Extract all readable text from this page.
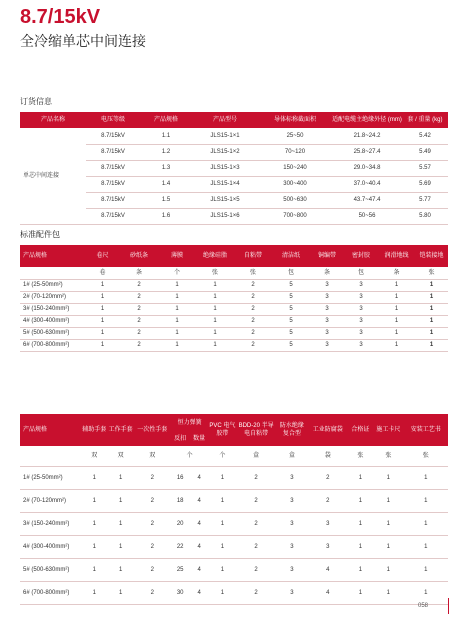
8.7/15kV
全冷缩单芯中间连接
订货信息
产品名称	电压等级	产品规格	产品型号	导体标称截面积	适配电缆主绝缘外径 (mm)	套 / 重量 (kg)
单芯中间连接	8.7/15kV	1.1	JLS15-1×1	25~50	21.8~24.2	5.42
	8.7/15kV	1.2	JLS15-1×2	70~120	25.8~27.4	5.49
	8.7/15kV	1.3	JLS15-1×3	150~240	29.0~34.8	5.57
	8.7/15kV	1.4	JLS15-1×4	300~400	37.0~40.4	5.69
	8.7/15kV	1.5	JLS15-1×5	500~630	43.7~47.4	5.77
	8.7/15kV	1.6	JLS15-1×6	700~800	50~56	5.80
标准配件包
产品规格	卷尺	砂纸条	薄膜	绝缘硅脂	自粘带	清洁纸	铜编带	密封胶	润滑地线	铠装接地
	卷	条	个	张	张	包	条	包	条	张
1# (25-50mm²)	1	2	1	1	2	5	3	3	1	1
2# (70-120mm²)	1	2	1	1	2	5	3	3	1	1
3# (150-240mm²)	1	2	1	1	2	5	3	3	1	1
4# (300-400mm²)	1	2	1	1	2	5	3	3	1	1
5# (500-630mm²)	1	2	1	1	2	5	3	3	1	1
6# (700-800mm²)	1	2	1	1	2	5	3	3	1	1
产品规格	辅助手套	工作手套	一次性手套	恒力弹簧		PVC 电气胶带	BDD-20 半导电自粘带	防水绝缘 复合型	工业防腐袋	合格证	施工卡尺	安装工艺书
				反扣	数量							
	双	双	双	个		个	盒	盒	袋	张	张	张
1# (25-50mm²)	1	1	2	16	4	1	2	3	2	1	1	1
2# (70-120mm²)	1	1	2	18	4	1	2	3	2	1	1	1
3# (150-240mm²)	1	1	2	20	4	1	2	3	3	1	1	1
4# (300-400mm²)	1	1	2	22	4	1	2	3	3	1	1	1
5# (500-630mm²)	1	1	2	25	4	1	2	3	4	1	1	1
6# (700-800mm²)	1	1	2	30	4	1	2	3	4	1	1	1
058
